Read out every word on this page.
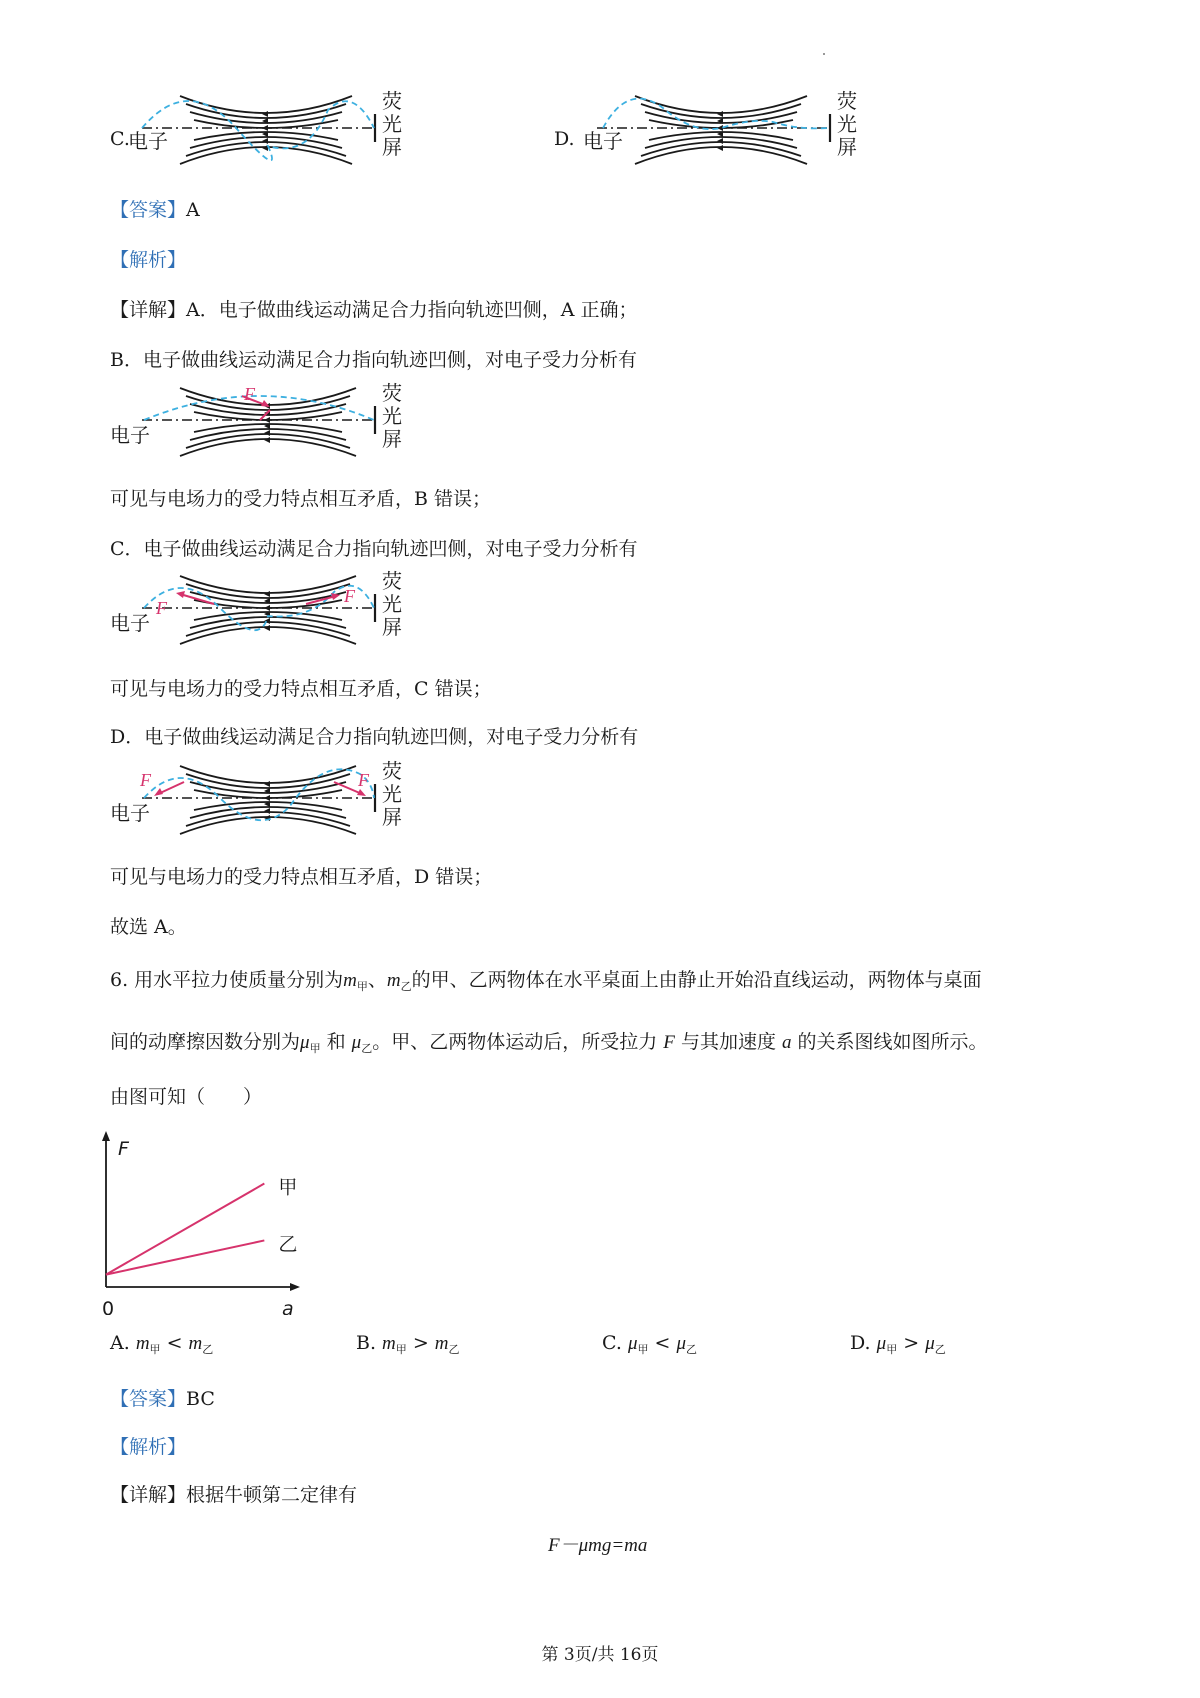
C.
电子
荧
光
屏	D. 电子
荧
光
屏
【答案】A
【解析】
【详解】A．电子做曲线运动满足合力指向轨迹凹侧，A 正确；
B．电子做曲线运动满足合力指向轨迹凹侧，对电子受力分析有
F
电子
荧
光
屏
可见与电场力的受力特点相互矛盾，B 错误；
C．电子做曲线运动满足合力指向轨迹凹侧，对电子受力分析有
F
F
电子
荧
光
屏
可见与电场力的受力特点相互矛盾，C 错误；
D．电子做曲线运动满足合力指向轨迹凹侧，对电子受力分析有
F	F
电子
荧
光
屏
可见与电场力的受力特点相互矛盾，D 错误；
故选 A。
6. 用水平拉力使质量分别为$m_甲$、$m_乙$的甲、乙两物体在水平桌面上由静止开始沿直线运动，两物体与桌面
间的动摩擦因数分别为$\mu_甲$ 和 $\mu_乙$。甲、乙两物体运动后，所受拉力 F 与其加速度 a 的关系图线如图所示。
由图可知（　　）
甲
乙
F
a
0
A. $m_甲 < m_乙$	B. $m_甲 > m_乙$	C. $\mu_甲 < \mu_乙$	D. $\mu_甲 > \mu_乙$
【答案】BC
【解析】
【详解】根据牛顿第二定律有
F－μmg=ma
第 3页/共 16页
